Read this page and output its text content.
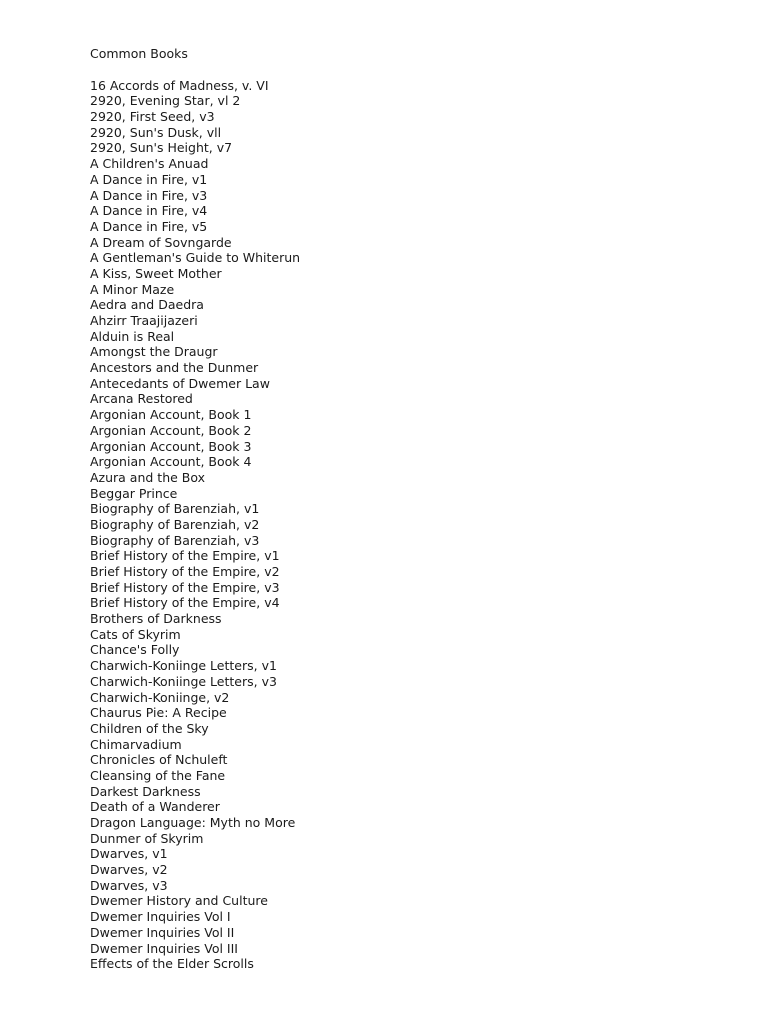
Common Books
16 Accords of Madness, v. VI
2920, Evening Star, vl 2
2920, First Seed, v3
2920, Sun's Dusk, vll
2920, Sun's Height, v7
A Children's Anuad
A Dance in Fire, v1
A Dance in Fire, v3
A Dance in Fire, v4
A Dance in Fire, v5
A Dream of Sovngarde
A Gentleman's Guide to Whiterun
A Kiss, Sweet Mother
A Minor Maze
Aedra and Daedra
Ahzirr Traajijazeri
Alduin is Real
Amongst the Draugr
Ancestors and the Dunmer
Antecedants of Dwemer Law
Arcana Restored
Argonian Account, Book 1
Argonian Account, Book 2
Argonian Account, Book 3
Argonian Account, Book 4
Azura and the Box
Beggar Prince
Biography of Barenziah, v1
Biography of Barenziah, v2
Biography of Barenziah, v3
Brief History of the Empire, v1
Brief History of the Empire, v2
Brief History of the Empire, v3
Brief History of the Empire, v4
Brothers of Darkness
Cats of Skyrim
Chance's Folly
Charwich-Koniinge Letters, v1
Charwich-Koniinge Letters, v3
Charwich-Koniinge, v2
Chaurus Pie: A Recipe
Children of the Sky
Chimarvadium
Chronicles of Nchuleft
Cleansing of the Fane
Darkest Darkness
Death of a Wanderer
Dragon Language: Myth no More
Dunmer of Skyrim
Dwarves, v1
Dwarves, v2
Dwarves, v3
Dwemer History and Culture
Dwemer Inquiries Vol I
Dwemer Inquiries Vol II
Dwemer Inquiries Vol III
Effects of the Elder Scrolls
